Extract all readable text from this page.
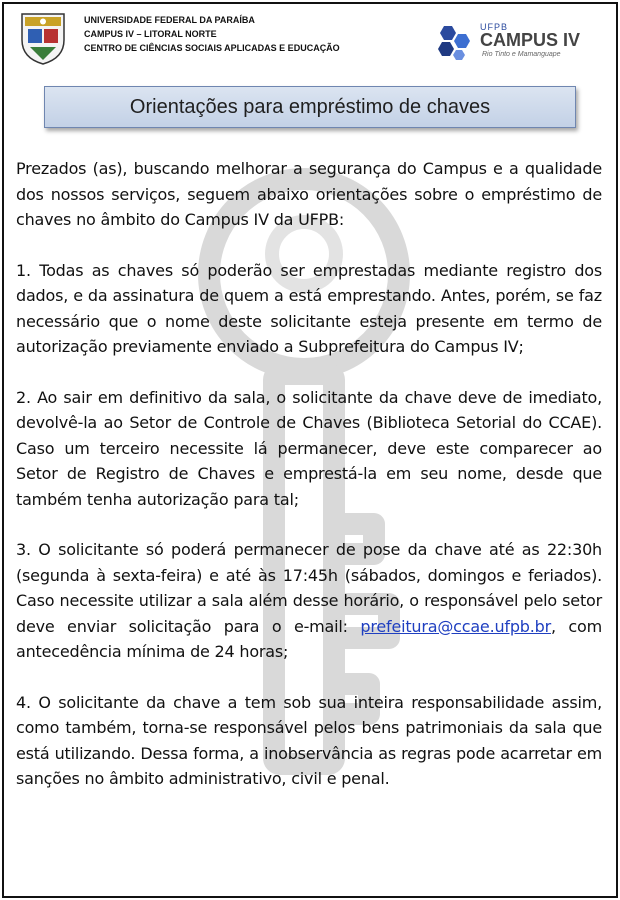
UNIVERSIDADE FEDERAL DA PARAÍBA
CAMPUS IV – LITORAL NORTE
CENTRO DE CIÊNCIAS SOCIAIS APLICADAS E EDUCAÇÃO
UFPB
CAMPUS IV
Rio Tinto e Mamanguape
Orientações para empréstimo de chaves

Prezados (as), buscando melhorar a segurança do Campus e a qualidade dos nossos serviços, seguem abaixo orientações sobre o empréstimo de chaves no âmbito do Campus IV da UFPB:

1. Todas as chaves só poderão ser emprestadas mediante registro dos dados, e da assinatura de quem a está emprestando. Antes, porém, se faz necessário que o nome deste solicitante esteja presente em termo de autorização previamente enviado a Subprefeitura do Campus IV;

2. Ao sair em definitivo da sala, o solicitante da chave deve de imediato, devolvê-la ao Setor de Controle de Chaves (Biblioteca Setorial do CCAE). Caso um terceiro necessite lá permanecer, deve este comparecer ao Setor de Registro de Chaves e emprestá-la em seu nome, desde que também tenha autorização para tal;

3. O solicitante só poderá permanecer de pose da chave até as 22:30h (segunda à sexta-feira) e até às 17:45h (sábados, domingos e feriados). Caso necessite utilizar a sala além desse horário, o responsável pelo setor deve enviar solicitação para o e-mail: prefeitura@ccae.ufpb.br, com antecedência mínima de 24 horas;

4. O solicitante da chave a tem sob sua inteira responsabilidade assim, como também, torna-se responsável pelos bens patrimoniais da sala que está utilizando. Dessa forma, a inobservância as regras pode acarretar em sanções no âmbito administrativo, civil e penal.
